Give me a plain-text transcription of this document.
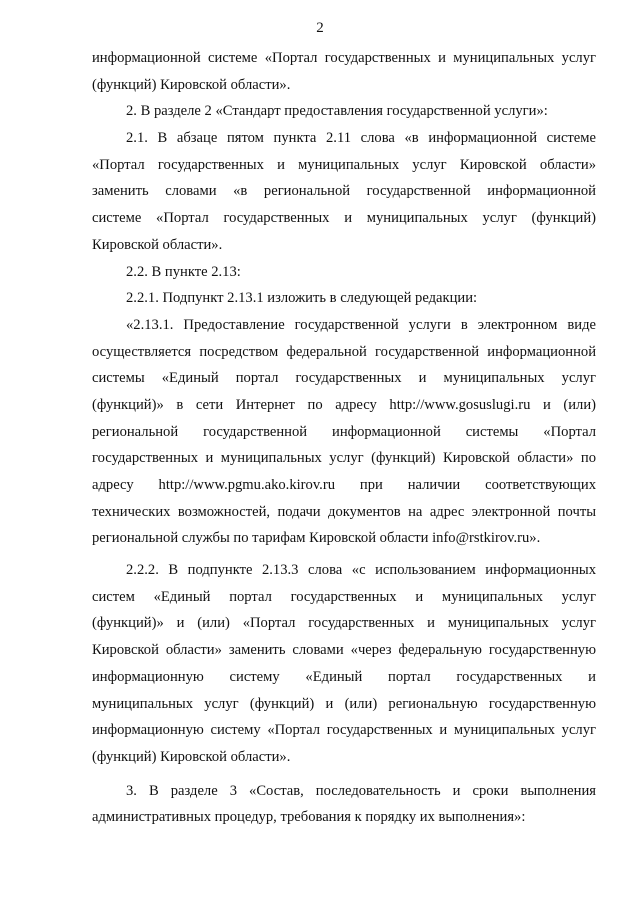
2
информационной системе «Портал государственных и муниципальных услуг
(функций) Кировской области».
2. В разделе 2 «Стандарт предоставления государственной услуги»:
2.1. В абзаце пятом пункта 2.11 слова «в информационной системе
«Портал государственных и муниципальных услуг Кировской области»
заменить словами «в региональной государственной информационной
системе «Портал государственных и муниципальных услуг (функций)
Кировской области».
2.2. В пункте 2.13:
2.2.1. Подпункт 2.13.1 изложить в следующей редакции:
«2.13.1. Предоставление государственной услуги в электронном виде
осуществляется посредством федеральной государственной информационной
системы «Единый портал государственных и муниципальных услуг
(функций)» в сети Интернет по адресу http://www.gosuslugi.ru и (или)
региональной государственной информационной системы «Портал
государственных и муниципальных услуг (функций) Кировской области» по
адресу http://www.pgmu.ako.kirov.ru при наличии соответствующих
технических возможностей, подачи документов на адрес электронной почты
региональной службы по тарифам Кировской области info@rstkirov.ru».
2.2.2. В подпункте 2.13.3 слова «с использованием информационных
систем «Единый портал государственных и муниципальных услуг
(функций)» и (или) «Портал государственных и муниципальных услуг
Кировской области» заменить словами «через федеральную государственную
информационную систему «Единый портал государственных и
муниципальных услуг (функций) и (или) региональную государственную
информационную систему «Портал государственных и муниципальных услуг
(функций) Кировской области».
3. В разделе 3 «Состав, последовательность и сроки выполнения
административных процедур, требования к порядку их выполнения»:
